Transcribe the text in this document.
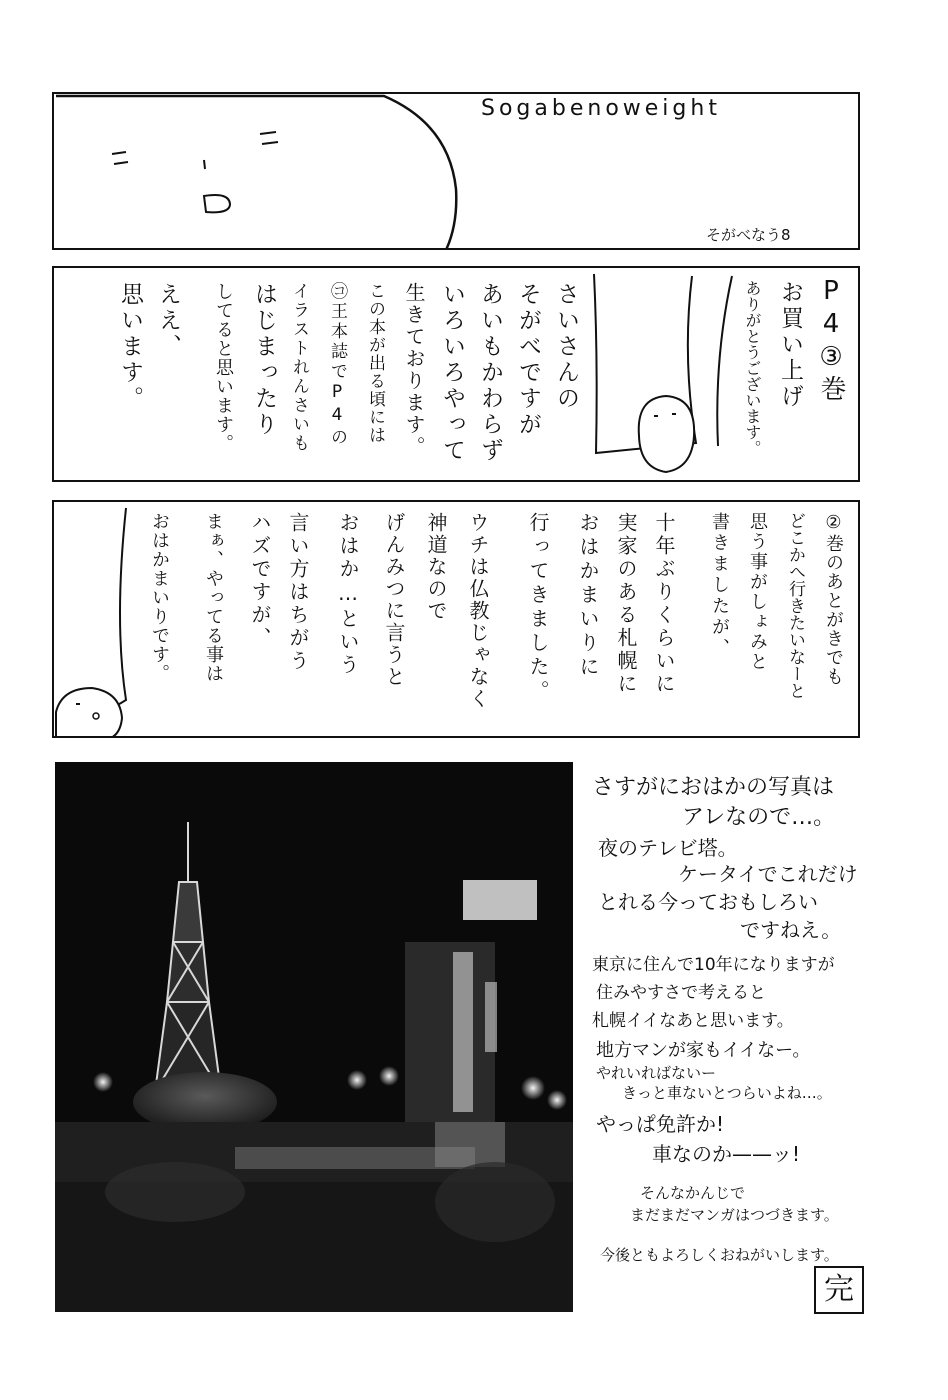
Sogabenoweight
そがべなう8
P4③巻
お買い上げ
ありがとうございます。
さいさんの
そがべですが
あいもかわらず
いろいろやって
生きております。
この本が出る頃には
㋙王本誌でP4の
イラストれんさいも
はじまったり
してると思います。
ええ、
思います。
②巻のあとがきでも
どこかへ行きたいなーと
思う事がしょみと
書きましたが、
十年ぶりくらいに
実家のある札幌に
おはかまいりに
行ってきました。
ウチは仏教じゃなく
神道なので
げんみつに言うと
おはか…という
言い方はちがう
ハズですが、
まぁ、やってる事は
おはかまいりです。
さすがにおはかの写真は
アレなので…。
夜のテレビ塔。
ケータイでこれだけ
とれる今っておもしろい
ですねえ。
東京に住んで10年になりますが
住みやすさで考えると
札幌イイなあと思います。
地方マンが家もイイなー。
やれいればないー
きっと車ないとつらいよね…。
やっぱ免許か!
車なのか——ッ!
そんなかんじで
まだまだマンガはつづきます。
今後ともよろしくおねがいします。
完
